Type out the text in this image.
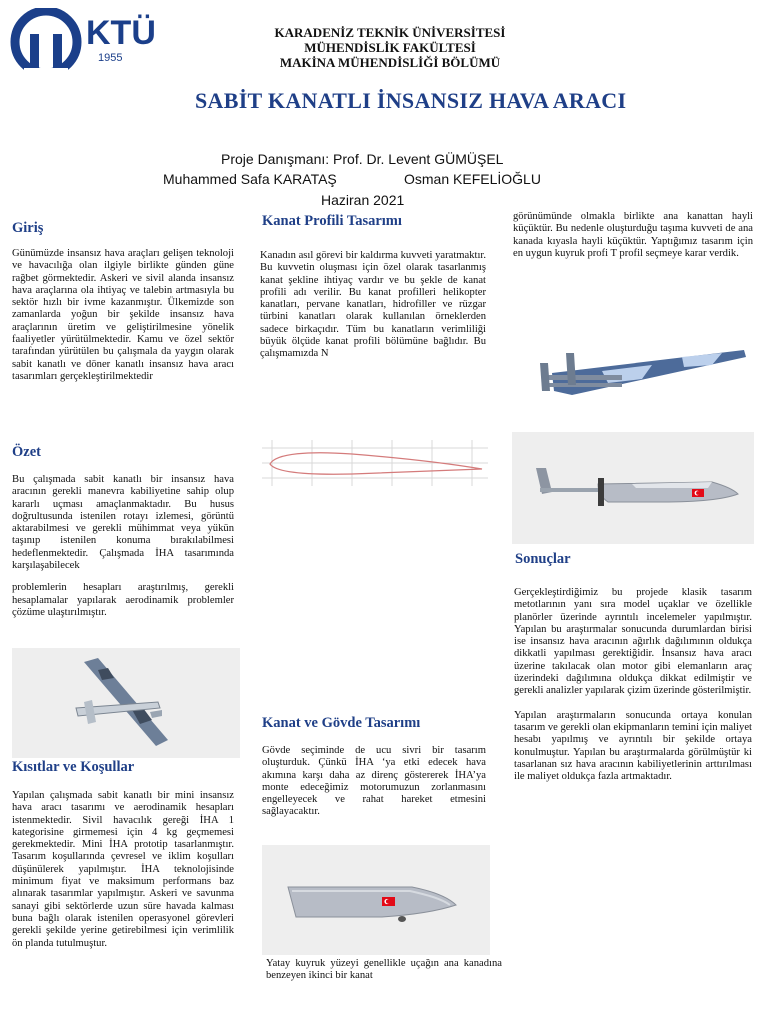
KTÜ
1955
KARADENİZ TEKNİK ÜNİVERSİTESİ
MÜHENDİSLİK FAKÜLTESİ
MAKİNA MÜHENDİSLİĞİ BÖLÜMÜ
SABİT KANATLI İNSANSIZ HAVA ARACI
Proje Danışmanı: Prof. Dr. Levent GÜMÜŞEL
Muhammed Safa KARATAŞ	Osman KEFELİOĞLU
Haziran 2021
Giriş
Günümüzde insansız hava araçları gelişen teknoloji ve havacılığa olan ilgiyle birlikte günden güne rağbet görmektedir. Askeri ve sivil alanda insansız hava araçlarına ola ihtiyaç ve talebin artmasıyla bu sektör hızlı bir ivme kazanmıştır. Ülkemizde son zamanlarda yoğun bir şekilde insansız hava araçlarının üretim ve geliştirilmesine yönelik faaliyetler yürütülmektedir. Kamu ve özel sektör tarafından yürütülen bu çalışmala da yaygın olarak sabit kanatlı ve döner kanatlı insansız hava aracı tasarımları gerçekleştirilmektedir
Özet

Bu çalışmada sabit kanatlı bir insansız hava aracının gerekli manevra kabiliyetine sahip olup kararlı uçması amaçlanmaktadır. Bu husus doğrultusunda istenilen rotayı izlemesi, görüntü aktarabilmesi ve gerekli mühimmat veya yükün taşınıp istenilen konuma bırakılabilmesi hedeflenmektedir. Çalışmada İHA tasarımında karşılaşabilecek

problemlerin hesapları araştırılmış, gerekli hesaplamalar yapılarak aerodinamik problemler çözüme ulaştırılmıştır.

Kısıtlar ve Koşullar
Yapılan çalışmada sabit kanatlı bir mini insansız hava aracı tasarımı ve aerodinamik hesapları istenmektedir. Sivil havacılık gereği İHA 1 kategorisine girmemesi için 4 kg geçmemesi gerekmektedir. Mini İHA prototip tasarlanmıştır. Tasarım koşullarında çevresel ve iklim koşulları düşünülerek yapılmıştır. İHA teknolojisinde minimum fiyat ve maksimum performans baz alınarak tasarımlar yapılmıştır. Askeri ve savunma sanayi gibi sektörlerde uzun süre havada kalması buna bağlı olarak istenilen operasyonel görevleri gerekli şekilde yerine getirebilmesi için verimlilik ön planda tutulmuştur.
Kanat Profili Tasarımı
Kanadın asıl görevi bir kaldırma kuvveti yaratmaktır. Bu kuvvetin oluşması için özel olarak tasarlanmış kanat şekline ihtiyaç vardır ve bu şekle de kanat profili adı verilir. Bu kanat profilleri helikopter kanatları, pervane kanatları, hidrofiller ve rüzgar türbini kanatları olarak kullanılan örneklerden sadece birkaçıdır. Tüm bu kanatların verimliliği büyük ölçüde kanat profili bölümüne bağlıdır. Bu çalışmamızda N
Kanat ve Gövde Tasarımı
Gövde seçiminde de ucu sivri bir tasarım oluşturduk. Çünkü İHA ‘ya etki edecek hava akımına karşı daha az direnç göstererek İHA’ya monte edeceğimiz motorumuzun zorlanmasını engelleyecek ve rahat hareket etmesini sağlayacaktır.
Yatay kuyruk yüzeyi genellikle uçağın ana kanadına benzeyen ikinci bir kanat
görünümünde olmakla birlikte ana kanattan hayli küçüktür. Bu nedenle oluşturduğu taşıma kuvveti de ana kanada kıyasla hayli küçüktür. Yaptığımız tasarım için en uygun kuyruk profi T profil seçmeye karar verdik.
Sonuçlar

Gerçekleştirdiğimiz bu projede klasik tasarım metotlarının yanı sıra model uçaklar ve özellikle planörler üzerinde ayrıntılı incelemeler yapılmıştır. Yapılan bu araştırmalar sonucunda durumlardan birisi ise insansız hava aracının ağırlık dağılımının oldukça dikkatli yapılması gerektiğidir. İnsansız hava aracı üzerine takılacak olan motor gibi elemanların araç üzerindeki dağılımına oldukça dikkat edilmiştir ve gerekli analizler yapılarak çizim üzerinde gösterilmiştir.

Yapılan araştırmaların sonucunda ortaya konulan tasarım ve gerekli olan ekipmanların temini için maliyet hesabı yapılmış ve ayrıntılı bir şekilde ortaya konulmuştur. Yapılan bu araştırmalarda görülmüştür ki tasarlanan sız hava aracının kabiliyetlerinin arttırılması ile maliyet oldukça fazla artmaktadır.
